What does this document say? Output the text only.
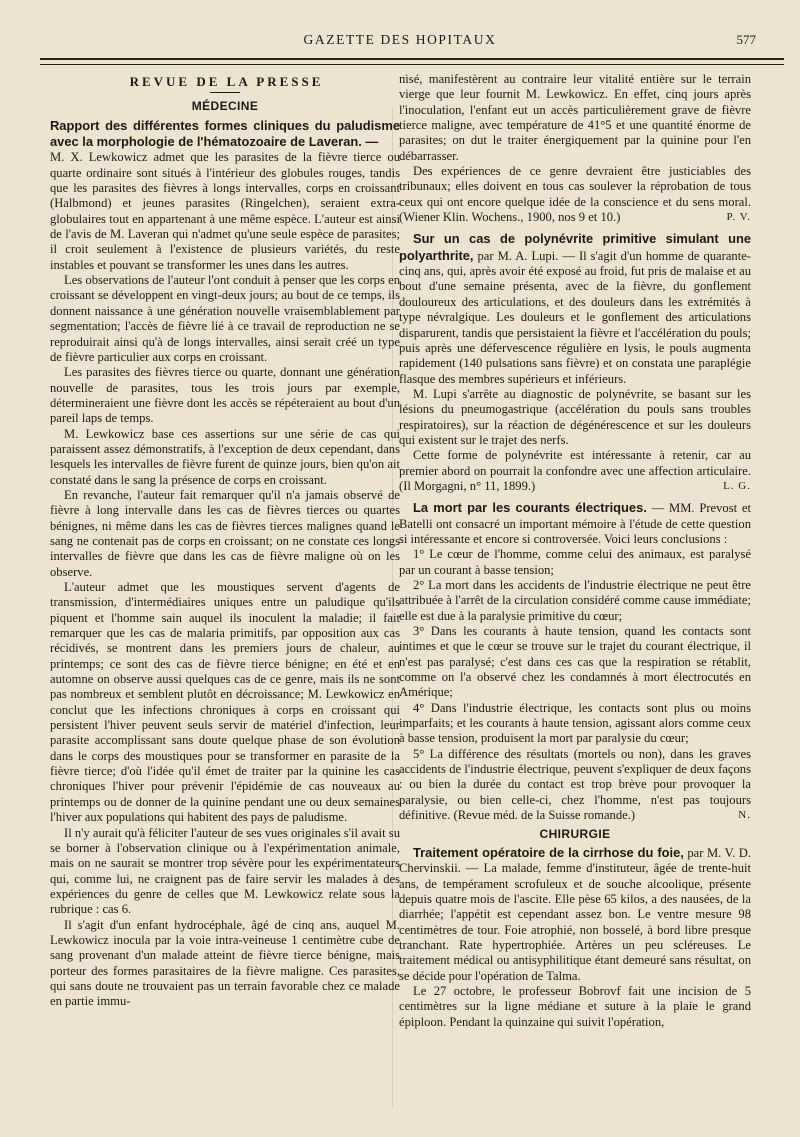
GAZETTE DES HOPITAUX	577
REVUE DE LA PRESSE
MÉDECINE

Rapport des différentes formes cliniques du paludisme avec la morphologie de l'hématozoaire de Laveran. —

M. X. Lewkowicz admet que les parasites de la fièvre tierce ou quarte ordinaire sont situés à l'intérieur des globules rouges, tandis que les parasites des fièvres à longs intervalles, corps en croissant (Halbmond) et jeunes parasites (Ringelchen), seraient extra-globulaires tout en appartenant à une même espèce. L'auteur est ainsi de l'avis de M. Laveran qui n'admet qu'une seule espèce de parasites; il croit seulement à l'existence de plusieurs variétés, du reste instables et pouvant se transformer les unes dans les autres.

Les observations de l'auteur l'ont conduit à penser que les corps en croissant se développent en vingt-deux jours; au bout de ce temps, ils donnent naissance à une génération nouvelle vraisemblablement par segmentation; l'accès de fièvre lié à ce travail de reproduction ne se reproduirait ainsi qu'à de longs intervalles, ainsi serait créé un type de fièvre particulier aux corps en croissant.

Les parasites des fièvres tierce ou quarte, donnant une génération nouvelle de parasites, tous les trois jours par exemple, détermineraient une fièvre dont les accès se répéteraient au bout d'un pareil laps de temps.

M. Lewkowicz base ces assertions sur une série de cas qui paraissent assez démonstratifs, à l'exception de deux cependant, dans lesquels les intervalles de fièvre furent de quinze jours, bien qu'on ait constaté dans le sang la présence de corps en croissant.

En revanche, l'auteur fait remarquer qu'il n'a jamais observé de fièvre à long intervalle dans les cas de fièvres tierces ou quartes bénignes, ni même dans les cas de fièvres tierces malignes quand le sang ne contenait pas de corps en croissant; on ne constate ces longs intervalles de fièvre que dans les cas de fièvre maligne où on les observe.

L'auteur admet que les moustiques servent d'agents de transmission, d'intermédiaires uniques entre un paludique qu'ils piquent et l'homme sain auquel ils inoculent la maladie; il fait remarquer que les cas de malaria primitifs, par opposition aux cas récidivés, se montrent dans les premiers jours de chaleur, au printemps; ce sont des cas de fièvre tierce bénigne; en été et en automne on observe aussi quelques cas de ce genre, mais ils ne sont pas nombreux et semblent plutôt en décroissance; M. Lewkowicz en conclut que les infections chroniques à corps en croissant qui persistent l'hiver peuvent seuls servir de matériel d'infection, leur parasite accomplissant sans doute quelque phase de son évolution dans le corps des moustiques pour se transformer en parasite de la fièvre tierce; d'où l'idée qu'il émet de traiter par la quinine les cas chroniques l'hiver pour prévenir l'épidémie de cas nouveaux au printemps ou de donner de la quinine pendant une ou deux semaines l'hiver aux populations qui habitent des pays de paludisme.

Il n'y aurait qu'à féliciter l'auteur de ses vues originales s'il avait su se borner à l'observation clinique ou à l'expérimentation animale, mais on ne saurait se montrer trop sévère pour les expérimentateurs qui, comme lui, ne craignent pas de faire servir les malades à des expériences du genre de celles que M. Lewkowicz relate sous la rubrique : cas 6.

Il s'agit d'un enfant hydrocéphale, âgé de cinq ans, auquel M. Lewkowicz inocula par la voie intra-veineuse 1 centimètre cube de sang provenant d'un malade atteint de fièvre tierce bénigne, mais porteur des formes parasitaires de la fièvre maligne. Ces parasites, qui sans doute ne trouvaient pas un terrain favorable chez ce malade en partie immu-

nisé, manifestèrent au contraire leur vitalité entière sur le terrain vierge que leur fournit M. Lewkowicz. En effet, cinq jours après l'inoculation, l'enfant eut un accès particulièrement grave de fièvre tierce maligne, avec température de 41°5 et une quantité énorme de parasites; on dut le traiter énergiquement par la quinine pour l'en débarrasser.

Des expériences de ce genre devraient être justiciables des tribunaux; elles doivent en tous cas soulever la réprobation de tous ceux qui ont encore quelque idée de la conscience et du sens moral. (Wiener Klin. Wochens., 1900, nos 9 et 10.)	P. V.

Sur un cas de polynévrite primitive simulant une polyarthrite, par M. A. Lupi. — Il s'agit d'un homme de quarante-cinq ans, qui, après avoir été exposé au froid, fut pris de malaise et au bout d'une semaine présenta, avec de la fièvre, du gonflement douloureux des articulations, et des douleurs dans les extrémités à type névralgique. Les douleurs et le gonflement des articulations disparurent, tandis que persistaient la fièvre et l'accélération du pouls; puis après une défervescence régulière en lysis, le pouls augmenta rapidement (140 pulsations sans fièvre) et on constata une paraplégie flasque des membres supérieurs et inférieurs.

M. Lupi s'arrête au diagnostic de polynévrite, se basant sur les lésions du pneumogastrique (accélération du pouls sans troubles respiratoires), sur la réaction de dégénérescence et sur les douleurs qui existent sur le trajet des nerfs.

Cette forme de polynévrite est intéressante à retenir, car au premier abord on pourrait la confondre avec une affection articulaire. (Il Morgagni, n° 11, 1899.)	L. G.

La mort par les courants électriques. — MM. Prevost et Batelli ont consacré un important mémoire à l'étude de cette question si intéressante et encore si controversée. Voici leurs conclusions :

1° Le cœur de l'homme, comme celui des animaux, est paralysé par un courant à basse tension;

2° La mort dans les accidents de l'industrie électrique ne peut être attribuée à l'arrêt de la circulation considéré comme cause immédiate; elle est due à la paralysie primitive du cœur;

3° Dans les courants à haute tension, quand les contacts sont intimes et que le cœur se trouve sur le trajet du courant électrique, il n'est pas paralysé; c'est dans ces cas que la respiration se rétablit, comme on l'a observé chez les condamnés à mort électrocutés en Amérique;

4° Dans l'industrie électrique, les contacts sont plus ou moins imparfaits; et les courants à haute tension, agissant alors comme ceux à basse tension, produisent la mort par paralysie du cœur;

5° La différence des résultats (mortels ou non), dans les graves accidents de l'industrie électrique, peuvent s'expliquer de deux façons : ou bien la durée du contact est trop brève pour provoquer la paralysie, ou bien celle-ci, chez l'homme, n'est pas toujours définitive. (Revue méd. de la Suisse romande.)	N.

CHIRURGIE

Traitement opératoire de la cirrhose du foie, par M. V. D. Chervinskii. — La malade, femme d'instituteur, âgée de trente-huit ans, de tempérament scrofuleux et de souche alcoolique, présente depuis quatre mois de l'ascite. Elle pèse 65 kilos, a des nausées, de la diarrhée; l'appétit est cependant assez bon. Le ventre mesure 98 centimètres de tour. Foie atrophié, non bosselé, à bord libre presque tranchant. Rate hypertrophiée. Artères un peu scléreuses. Le traitement médical ou antisyphilitique étant demeuré sans résultat, on se décide pour l'opération de Talma.

Le 27 octobre, le professeur Bobrovf fait une incision de 5 centimètres sur la ligne médiane et suture à la plaie le grand épiploon. Pendant la quinzaine qui suivit l'opération,
